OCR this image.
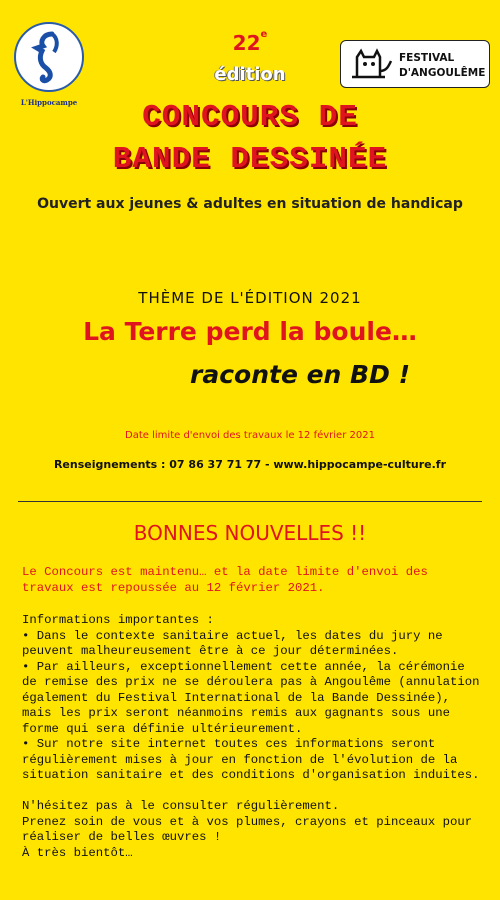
L'Hippocampe
22e
édition
FESTIVAL
D'ANGOULÊME
CONCOURS DE
BANDE DESSINÉE
Ouvert aux jeunes & adultes en situation de handicap
THÈME DE L'ÉDITION 2021
La Terre perd la boule…
raconte en BD !
Date limite d'envoi des travaux le 12 février 2021
Renseignements : 07 86 37 71 77 - www.hippocampe-culture.fr
BONNES NOUVELLES !!
Le Concours est maintenu… et la date limite d'envoi des travaux est repoussée au 12 février 2021.

Informations importantes :

• Dans le contexte sanitaire actuel, les dates du jury ne peuvent malheureusement être à ce jour déterminées.

• Par ailleurs, exceptionnellement cette année, la cérémonie de remise des prix ne se déroulera pas à Angoulême (annulation également du Festival International de la Bande Dessinée), mais les prix seront néanmoins remis aux gagnants sous une forme qui sera définie ultérieurement.

• Sur notre site internet toutes ces informations seront régulièrement mises à jour en fonction de l'évolution de la situation sanitaire et des conditions d'organisation induites.

N'hésitez pas à le consulter régulièrement.

Prenez soin de vous et à vos plumes, crayons et pinceaux pour réaliser de belles œuvres !

À très bientôt…
